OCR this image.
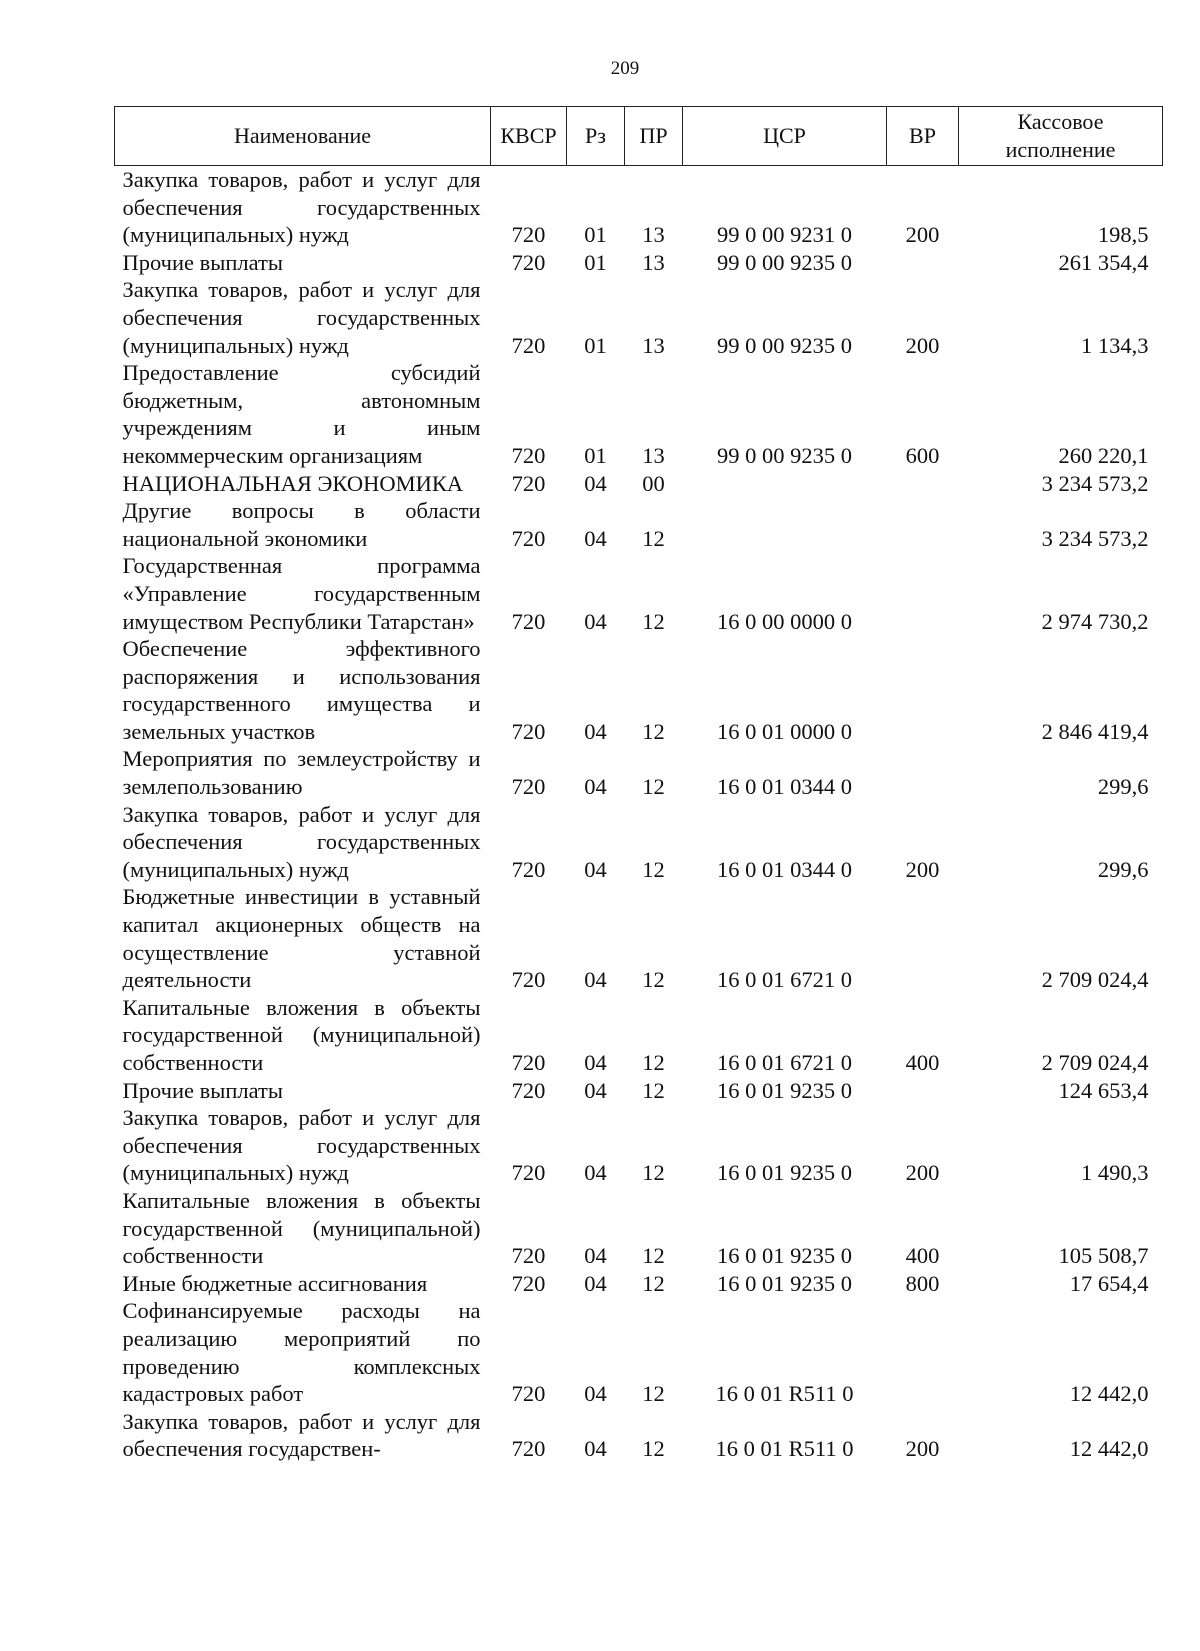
209
Наименование	КВСР	Рз	ПР	ЦСР	ВР	Кассовое исполнение
Закупка товаров, работ и услуг для обеспечения государственных (муниципальных) нужд	720	01	13	99 0 00 9231 0	200	198,5
Прочие выплаты	720	01	13	99 0 00 9235 0		261 354,4
Закупка товаров, работ и услуг для обеспечения государственных (муниципальных) нужд	720	01	13	99 0 00 9235 0	200	1 134,3
Предоставление субсидий бюджетным, автономным учреждениям и иным некоммерческим организациям	720	01	13	99 0 00 9235 0	600	260 220,1
НАЦИОНАЛЬНАЯ ЭКОНОМИКА	720	04	00			3 234 573,2
Другие вопросы в области национальной экономики	720	04	12			3 234 573,2
Государственная программа «Управление государственным имуществом Республики Татарстан»	720	04	12	16 0 00 0000 0		2 974 730,2
Обеспечение эффективного распоряжения и использования государственного имущества и земельных участков	720	04	12	16 0 01 0000 0		2 846 419,4
Мероприятия по землеустройству и землепользованию	720	04	12	16 0 01 0344 0		299,6
Закупка товаров, работ и услуг для обеспечения государственных (муниципальных) нужд	720	04	12	16 0 01 0344 0	200	299,6
Бюджетные инвестиции в уставный капитал акционерных обществ на осуществление уставной деятельности	720	04	12	16 0 01 6721 0		2 709 024,4
Капитальные вложения в объекты государственной (муниципальной) собственности	720	04	12	16 0 01 6721 0	400	2 709 024,4
Прочие выплаты	720	04	12	16 0 01 9235 0		124 653,4
Закупка товаров, работ и услуг для обеспечения государственных (муниципальных) нужд	720	04	12	16 0 01 9235 0	200	1 490,3
Капитальные вложения в объекты государственной (муниципальной) собственности	720	04	12	16 0 01 9235 0	400	105 508,7
Иные бюджетные ассигнования	720	04	12	16 0 01 9235 0	800	17 654,4
Софинансируемые расходы на реализацию мероприятий по проведению комплексных кадастровых работ	720	04	12	16 0 01 R511 0		12 442,0
Закупка товаров, работ и услуг для обеспечения государствен-	720	04	12	16 0 01 R511 0	200	12 442,0
